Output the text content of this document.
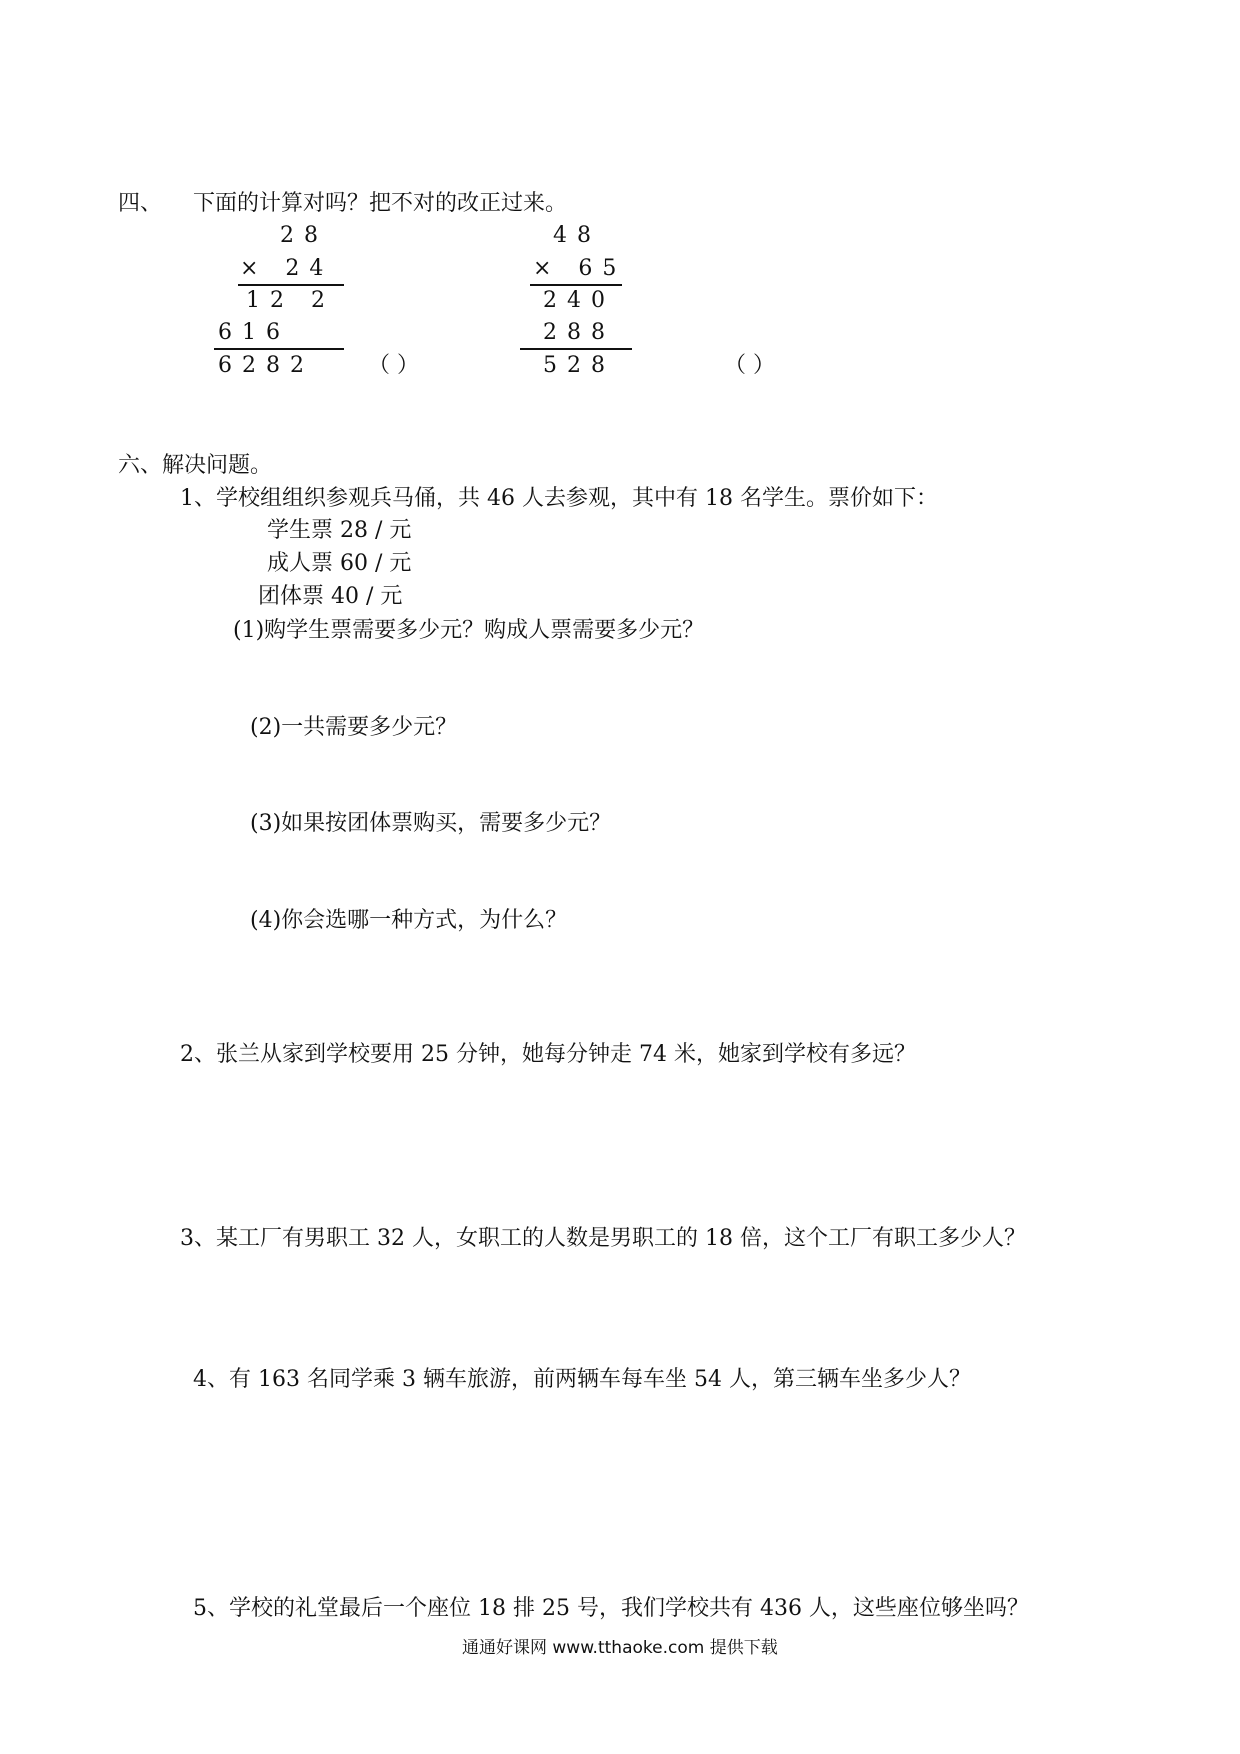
四、 下面的计算对吗？把不对的改正过来。
28
× 24
12 2
616
6282 （ ）
48
× 65
240
288
528	（ ）
六、解决问题。
1、学校组组织参观兵马俑，共 46 人去参观，其中有 18 名学生。票价如下：
学生票 28 / 元
成人票 60 / 元
团体票 40 / 元
(1)购学生票需要多少元？购成人票需要多少元？
(2)一共需要多少元？
(3)如果按团体票购买，需要多少元？
(4)你会选哪一种方式，为什么？
2、张兰从家到学校要用 25 分钟，她每分钟走 74 米，她家到学校有多远？
3、某工厂有男职工 32 人，女职工的人数是男职工的 18 倍，这个工厂有职工多少人？
4、有 163 名同学乘 3 辆车旅游，前两辆车每车坐 54 人，第三辆车坐多少人？
5、学校的礼堂最后一个座位 18 排 25 号，我们学校共有 436 人，这些座位够坐吗？
通通好课网 www.tthaoke.com 提供下载
